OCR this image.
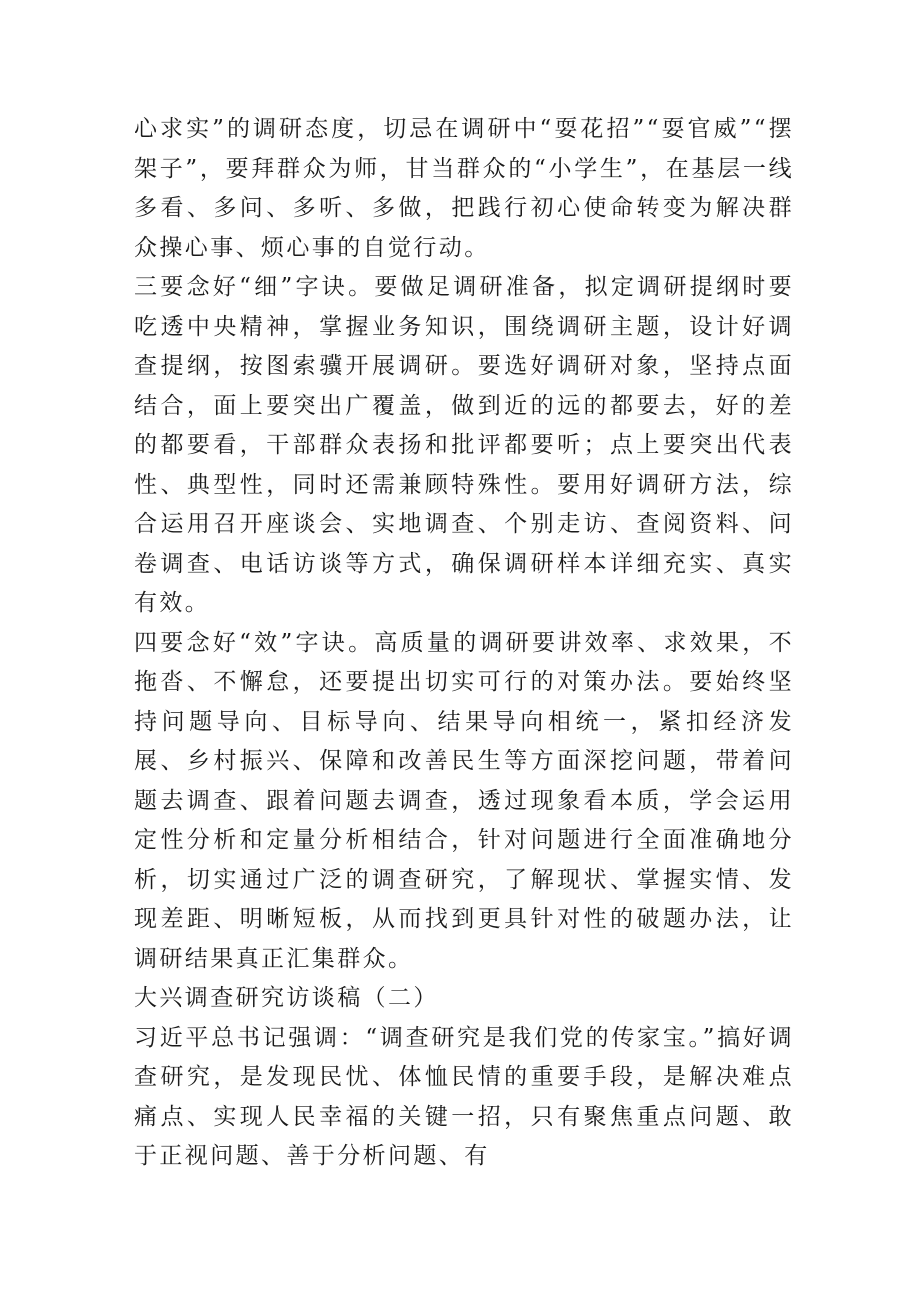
心求实”的调研态度，切忌在调研中“耍花招”“耍官威”“摆架子”，要拜群众为师，甘当群众的“小学生”，在基层一线多看、多问、多听、多做，把践行初心使命转变为解决群众操心事、烦心事的自觉行动。

三要念好“细”字诀。要做足调研准备，拟定调研提纲时要吃透中央精神，掌握业务知识，围绕调研主题，设计好调查提纲，按图索骥开展调研。要选好调研对象，坚持点面结合，面上要突出广覆盖，做到近的远的都要去，好的差的都要看，干部群众表扬和批评都要听；点上要突出代表性、典型性，同时还需兼顾特殊性。要用好调研方法，综合运用召开座谈会、实地调查、个别走访、查阅资料、问卷调查、电话访谈等方式，确保调研样本详细充实、真实有效。

四要念好“效”字诀。高质量的调研要讲效率、求效果，不拖沓、不懈怠，还要提出切实可行的对策办法。要始终坚持问题导向、目标导向、结果导向相统一，紧扣经济发展、乡村振兴、保障和改善民生等方面深挖问题，带着问题去调查、跟着问题去调查，透过现象看本质，学会运用定性分析和定量分析相结合，针对问题进行全面准确地分析，切实通过广泛的调查研究，了解现状、掌握实情、发现差距、明晰短板，从而找到更具针对性的破题办法，让调研结果真正汇集群众。

大兴调查研究访谈稿（二）

习近平总书记强调：“调查研究是我们党的传家宝。”搞好调查研究，是发现民忧、体恤民情的重要手段，是解决难点痛点、实现人民幸福的关键一招，只有聚焦重点问题、敢于正视问题、善于分析问题、有
